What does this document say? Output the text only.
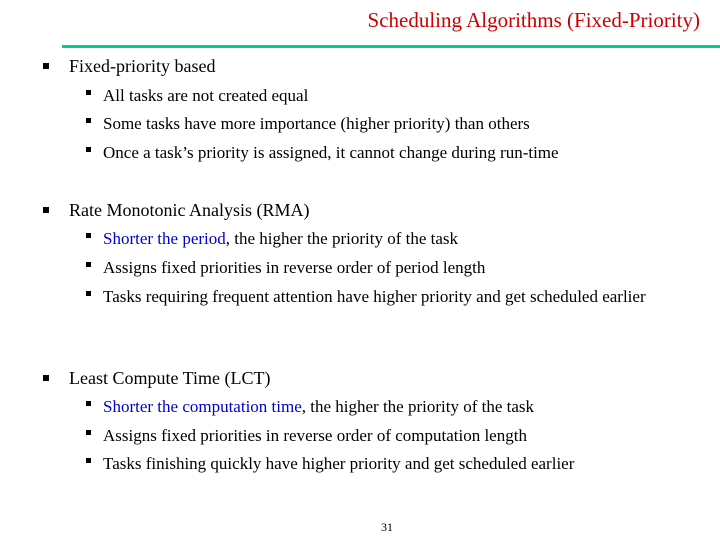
Scheduling Algorithms (Fixed-Priority)
Fixed-priority based
All tasks are not created equal
Some tasks have more importance (higher priority) than others
Once a task’s priority is assigned, it cannot change during run-time
Rate Monotonic Analysis (RMA)
Shorter the period, the higher the priority of the task
Assigns fixed priorities in reverse order of period length
Tasks requiring frequent attention have higher priority and get scheduled earlier
Least Compute Time (LCT)
Shorter the computation time, the higher the priority of the task
Assigns fixed priorities in reverse order of computation length
Tasks finishing quickly have higher priority and get scheduled earlier
31
